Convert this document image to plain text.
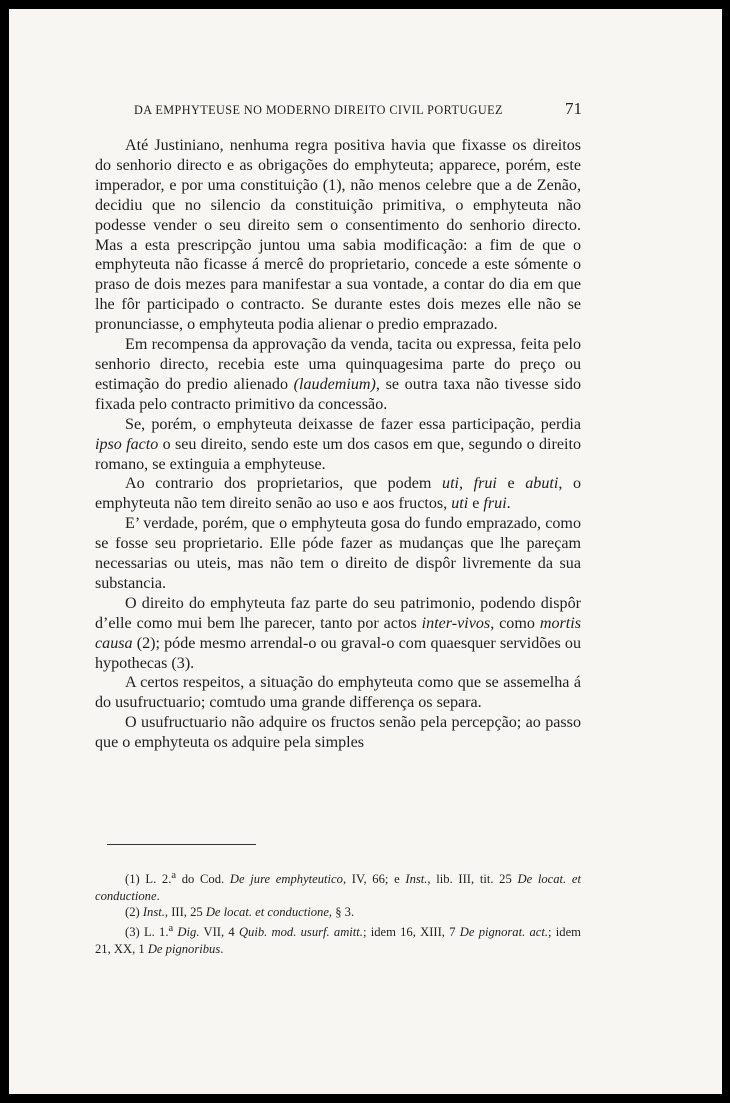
DA EMPHYTEUSE NO MODERNO DIREITO CIVIL PORTUGUEZ	71

Até Justiniano, nenhuma regra positiva havia que fixasse os direitos do senhorio directo e as obrigações do emphyteuta; apparece, porém, este imperador, e por uma constituição (1), não menos celebre que a de Zenão, decidiu que no silencio da constituição primitiva, o emphyteuta não podesse vender o seu direito sem o consentimento do senhorio directo. Mas a esta prescripção juntou uma sabia modificação: a fim de que o emphyteuta não ficasse á mercê do proprietario, concede a este sómente o praso de dois mezes para manifestar a sua vontade, a contar do dia em que lhe fôr participado o contracto. Se durante estes dois mezes elle não se pronunciasse, o emphyteuta podia alienar o predio emprazado.

Em recompensa da approvação da venda, tacita ou expressa, feita pelo senhorio directo, recebia este uma quinquagesima parte do preço ou estimação do predio alienado (laudemium), se outra taxa não tivesse sido fixada pelo contracto primitivo da concessão.

Se, porém, o emphyteuta deixasse de fazer essa participação, perdia ipso facto o seu direito, sendo este um dos casos em que, segundo o direito romano, se extinguia a emphyteuse.

Ao contrario dos proprietarios, que podem uti, frui e abuti, o emphyteuta não tem direito senão ao uso e aos fructos, uti e frui.

E’ verdade, porém, que o emphyteuta gosa do fundo emprazado, como se fosse seu proprietario. Elle póde fazer as mudanças que lhe pareçam necessarias ou uteis, mas não tem o direito de dispôr livremente da sua substancia.

O direito do emphyteuta faz parte do seu patrimonio, podendo dispôr d’elle como mui bem lhe parecer, tanto por actos inter-vivos, como mortis causa (2); póde mesmo arrendal-o ou graval-o com quaesquer servidões ou hypothecas (3).

A certos respeitos, a situação do emphyteuta como que se assemelha á do usufructuario; comtudo uma grande differença os separa.

O usufructuario não adquire os fructos senão pela percepção; ao passo que o emphyteuta os adquire pela simples

(1) L. 2.$^a$ do Cod. De jure emphyteutico, IV, 66; e Inst., lib. III, tit. 25 De locat. et conductione.

(2) Inst., III, 25 De locat. et conductione, § 3.

(3) L. 1.$^a$ Dig. VII, 4 Quib. mod. usurf. amitt.; idem 16, XIII, 7 De pignorat. act.; idem 21, XX, 1 De pignoribus.
